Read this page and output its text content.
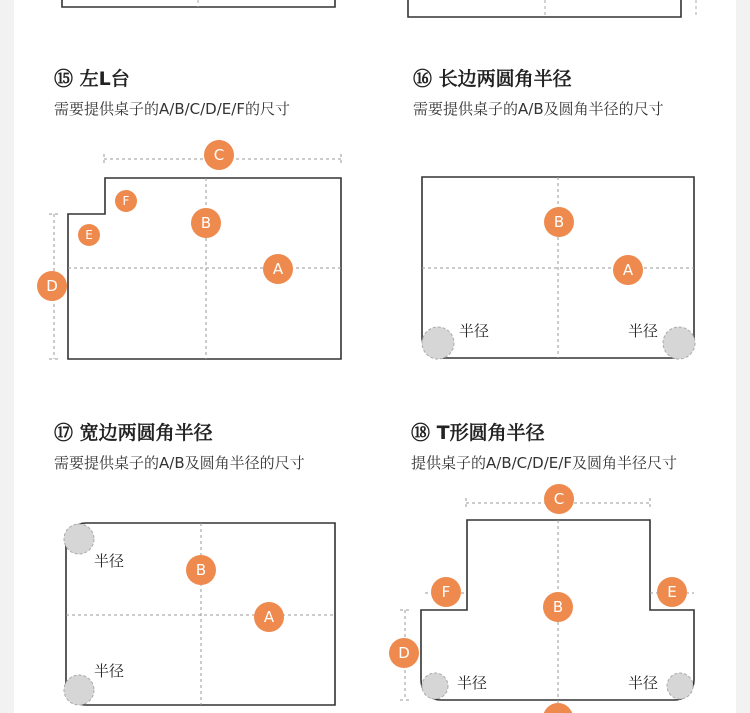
C
B
A
D
F
E
B
A
B
A
C
B
F	E
D
半径	半径
半径
半径
半径	半径
⑮ 左L台
需要提供桌子的A/B/C/D/E/F的尺寸
⑯ 长边两圆角半径
需要提供桌子的A/B及圆角半径的尺寸
⑰ 宽边两圆角半径
需要提供桌子的A/B及圆角半径的尺寸
⑱ T形圆角半径
提供桌子的A/B/C/D/E/F及圆角半径尺寸
